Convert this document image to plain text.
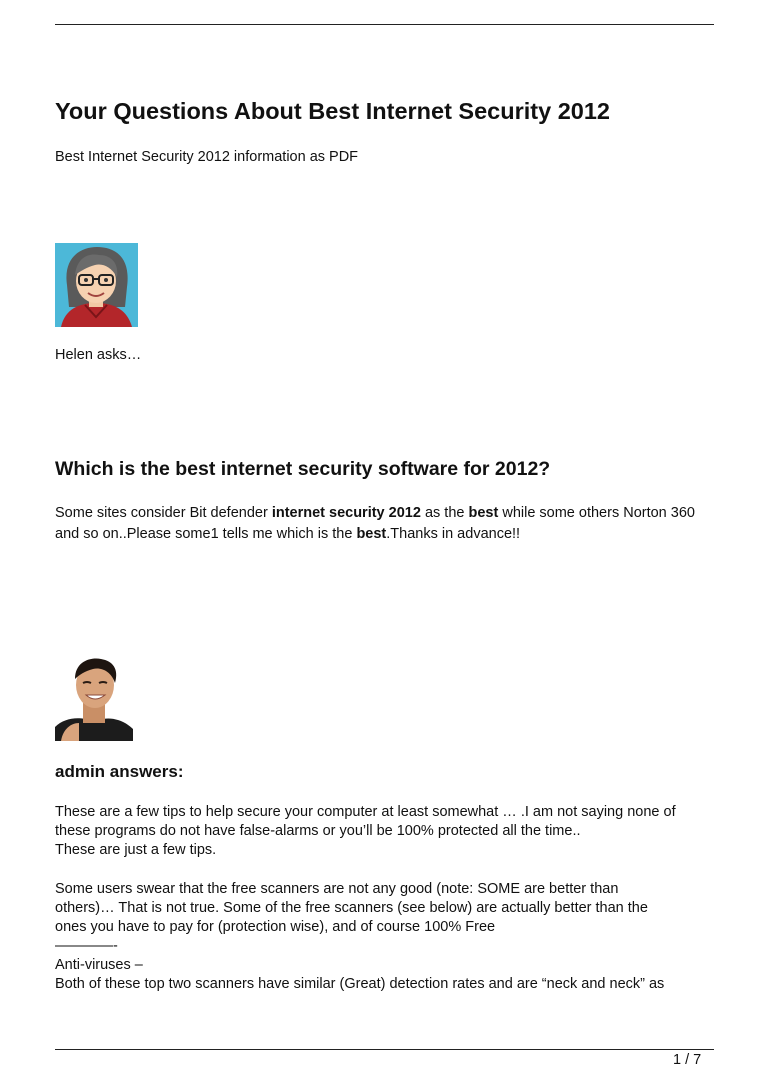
Your Questions About Best Internet Security 2012
Best Internet Security 2012 information as PDF
Helen asks…
Which is the best internet security software for 2012?

Some sites consider Bit defender internet security 2012 as the best while some others Norton 360 and so on..Please some1 tells me which is the best.Thanks in advance!!

admin answers:

These are a few tips to help secure your computer at least somewhat … .I am not saying none of
these programs do not have false-alarms or you’ll be 100% protected all the time..
These are just a few tips.

Some users swear that the free scanners are not any good (note: SOME are better than
others)… That is not true. Some of the free scanners (see below) are actually better than the
ones you have to pay for (protection wise), and of course 100% Free

————-
Anti-viruses –
Both of these top two scanners have similar (Great) detection rates and are “neck and neck” as

1 / 7
